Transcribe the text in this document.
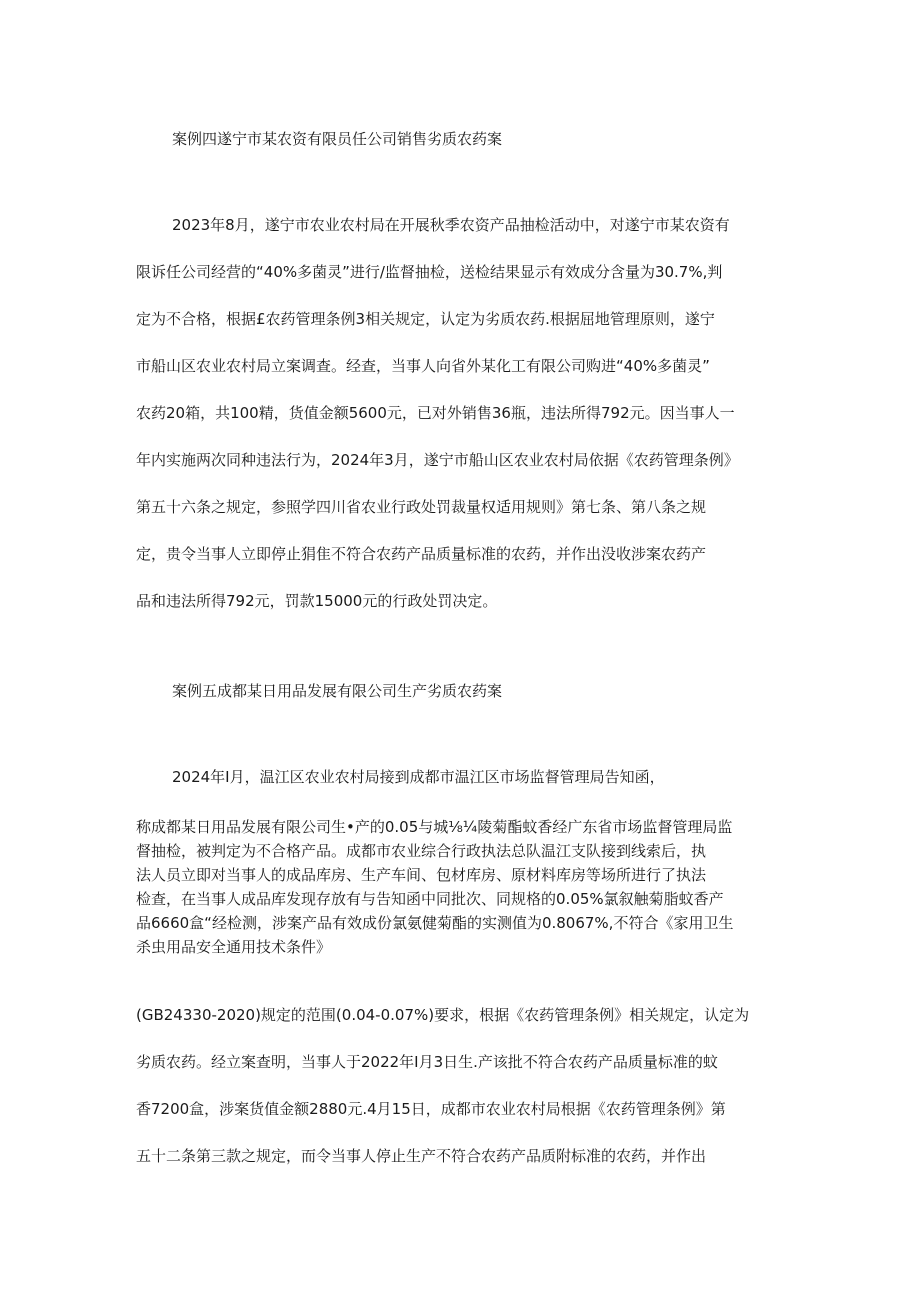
案例四遂宁市某农资有限员任公司销售劣质农药案
2023年8月，遂宁市农业农村局在开展秋季农资产品抽检活动中，对遂宁市某农资有
限诉任公司经营的“40%多菌灵”进行/监督抽检，送检结果显示有效成分含量为30.7%,判
定为不合格，根据£农药管理条例3相关规定，认定为劣质农药.根据屈地管理原则，遂宁
市船山区农业农村局立案调查。经查，当事人向省外某化工有限公司购进“40%多菌灵”
农药20箱，共100精，货值金额5600元，已对外销售36瓶，违法所得792元。因当事人一
年内实施两次同种违法行为，2024年3月，遂宁市船山区农业农村局依据《农药管理条例》
第五十六条之规定，参照学四川省农业行政处罚裁量权适用规则》第七条、第八条之规
定，贵令当事人立即停止狷隹不符合农药产品质量标准的农药，并作出没收涉案农药产
品和违法所得792元，罚款15000元的行政处罚决定。
案例五成都某日用品发展有限公司生产劣质农药案
2024年I月，温江区农业农村局接到成都市温江区市场监督管理局告知函，
称成都某日用品发展有限公司生•产的0.05与城⅛¼陵菊酯蚊香经广东省市场监督管理局监
督抽检，被判定为不合格产品。成都市农业综合行政执法总队温江支队接到线索后，执
法人员立即对当事人的成品库房、生产车间、包材库房、原材料库房等场所进行了执法
检查，在当事人成品库发现存放有与告知函中同批次、同规格的0.05%氯叙触菊脂蚊香产
品6660盒“经检测，涉案产品有效成份氯氨健菊酯的实测值为0.8067%,不符合《家用卫生
杀虫用品安全通用技术条件》
(GB24330-2020)规定的范围(0.04-0.07%)要求，根据《农药管理条例》相关规定，认定为
劣质农药。经立案查明，当事人于2022年I月3日生.产该批不符合农药产品质量标准的蚊
香7200盒，涉案货值金额2880元.4月15日，成都市农业农村局根据《农药管理条例》第
五十二条第三款之规定，而令当事人停止生产不符合农药产品质附标准的农药，并作出
